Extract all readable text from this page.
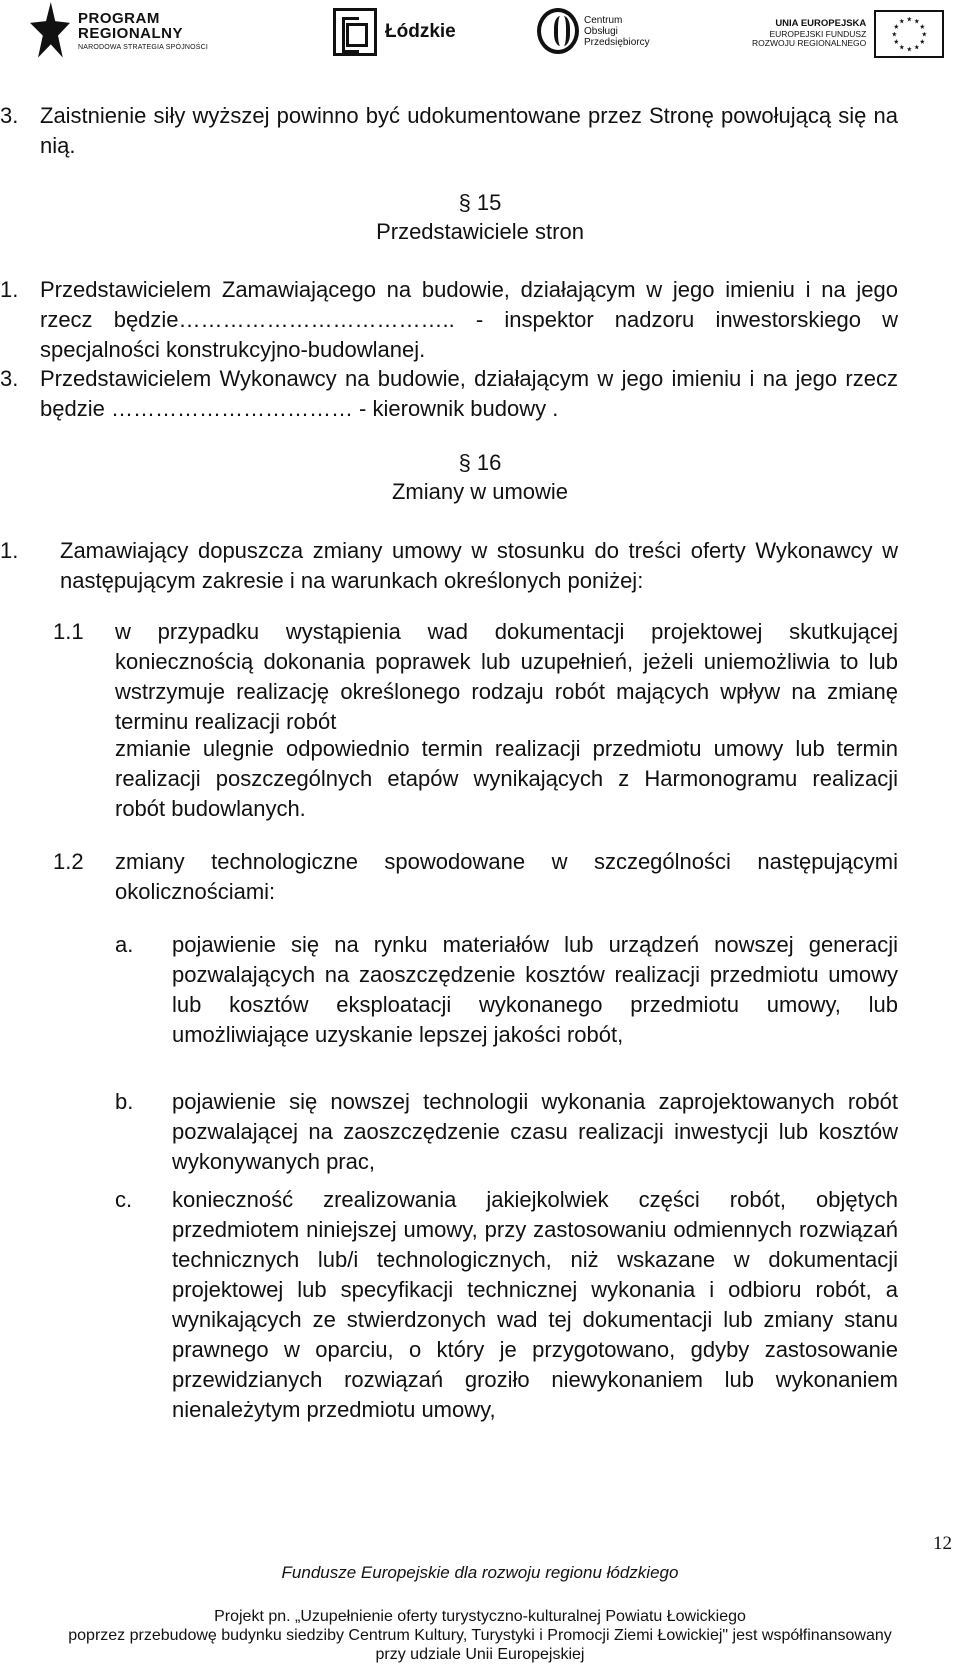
PROGRAM
REGIONALNY
NARODOWA STRATEGIA SPÓJNOŚCI
Łódzkie
Centrum
Obsługi
Przedsiębiorcy
UNIA EUROPEJSKA
EUROPEJSKI FUNDUSZ
ROZWOJU REGIONALNEGO
3. Zaistnienie siły wyższej powinno być udokumentowane przez Stronę powołującą się na nią.

§ 15
Przedstawiciele stron
1. Przedstawicielem Zamawiającego na budowie, działającym w jego imieniu i na jego rzecz będzie……………………………….. - inspektor nadzoru inwestorskiego w specjalności konstrukcyjno-budowlanej.

3. Przedstawicielem Wykonawcy na budowie, działającym w jego imieniu i na jego rzecz będzie …………………………… - kierownik budowy .

§ 16
Zmiany w umowie
1. Zamawiający dopuszcza zmiany umowy w stosunku do treści oferty Wykonawcy w następującym zakresie i na warunkach określonych poniżej:

1.1 w przypadku wystąpienia wad dokumentacji projektowej skutkującej koniecznością dokonania poprawek lub uzupełnień, jeżeli uniemożliwia to lub wstrzymuje realizację określonego rodzaju robót mających wpływ na zmianę terminu realizacji robót

zmianie ulegnie odpowiednio termin realizacji przedmiotu umowy lub termin realizacji poszczególnych etapów wynikających z Harmonogramu realizacji robót budowlanych.

1.2 zmiany technologiczne spowodowane w szczególności następującymi okolicznościami:

a. pojawienie się na rynku materiałów lub urządzeń nowszej generacji pozwalających na zaoszczędzenie kosztów realizacji przedmiotu umowy lub kosztów eksploatacji wykonanego przedmiotu umowy, lub umożliwiające uzyskanie lepszej jakości robót,

b. pojawienie się nowszej technologii wykonania zaprojektowanych robót pozwalającej na zaoszczędzenie czasu realizacji inwestycji lub kosztów wykonywanych prac,

c. konieczność zrealizowania jakiejkolwiek części robót, objętych przedmiotem niniejszej umowy, przy zastosowaniu odmiennych rozwiązań technicznych lub/i technologicznych, niż wskazane w dokumentacji projektowej lub specyfikacji technicznej wykonania i odbioru robót, a wynikających ze stwierdzonych wad tej dokumentacji lub zmiany stanu prawnego w oparciu, o który je przygotowano, gdyby zastosowanie przewidzianych rozwiązań groziło niewykonaniem lub wykonaniem nienależytym przedmiotu umowy,

12
Fundusze Europejskie dla rozwoju regionu łódzkiego
Projekt pn. „Uzupełnienie oferty turystyczno-kulturalnej Powiatu Łowickiego
poprzez przebudowę budynku siedziby Centrum Kultury, Turystyki i Promocji Ziemi Łowickiej" jest współfinansowany
przy udziale Unii Europejskiej
